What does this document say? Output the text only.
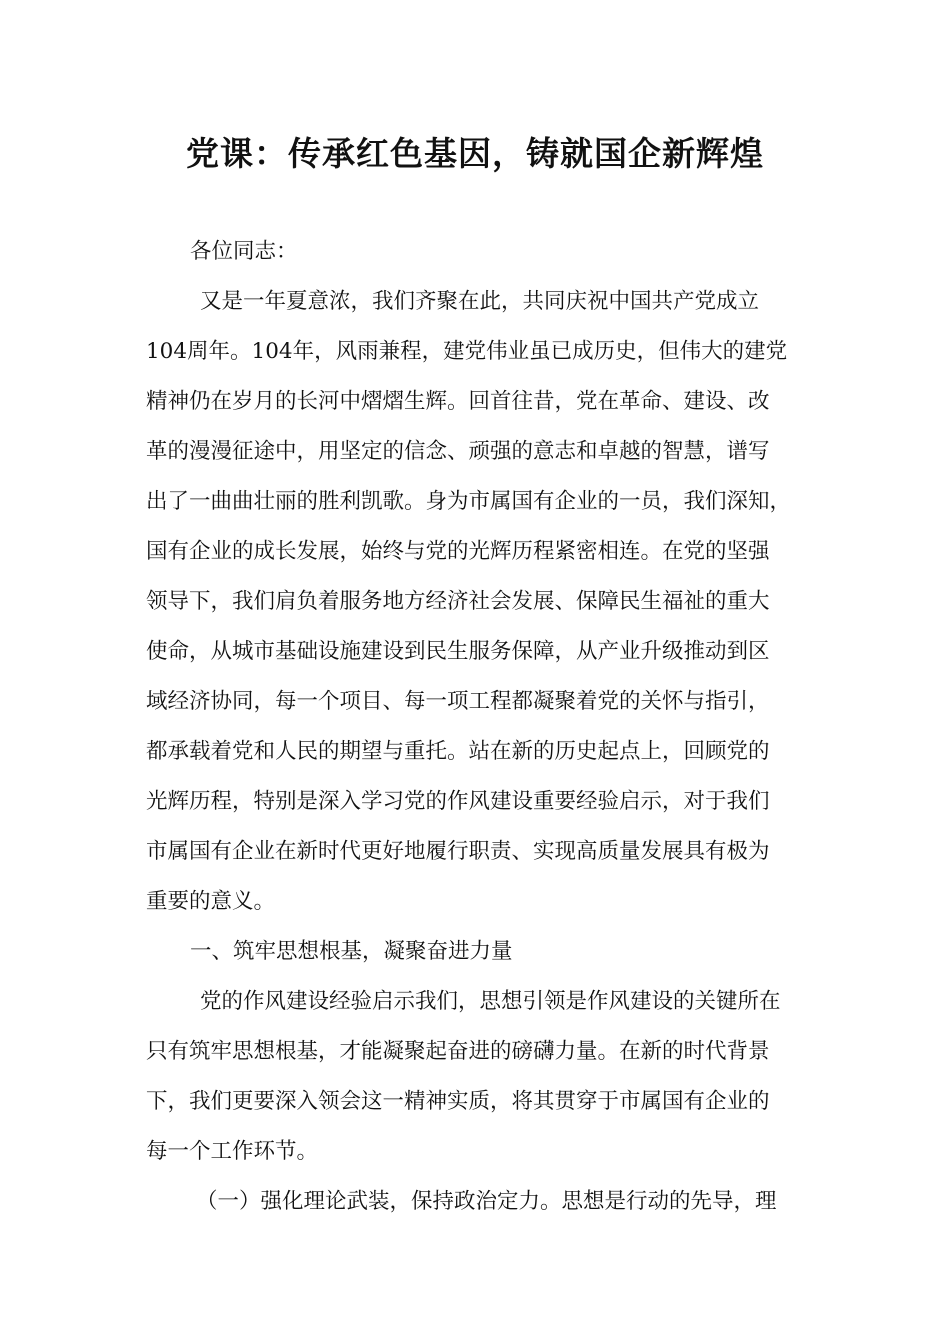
党课：传承红色基因，铸就国企新辉煌
各位同志：
又是一年夏意浓，我们齐聚在此，共同庆祝中国共产党成立
104周年。104年，风雨兼程，建党伟业虽已成历史，但伟大的建党
精神仍在岁月的长河中熠熠生辉。回首往昔，党在革命、建设、改
革的漫漫征途中，用坚定的信念、顽强的意志和卓越的智慧，谱写
出了一曲曲壮丽的胜利凯歌。身为市属国有企业的一员，我们深知，
国有企业的成长发展，始终与党的光辉历程紧密相连。在党的坚强
领导下，我们肩负着服务地方经济社会发展、保障民生福祉的重大
使命，从城市基础设施建设到民生服务保障，从产业升级推动到区
域经济协同，每一个项目、每一项工程都凝聚着党的关怀与指引，
都承载着党和人民的期望与重托。站在新的历史起点上，回顾党的
光辉历程，特别是深入学习党的作风建设重要经验启示，对于我们
市属国有企业在新时代更好地履行职责、实现高质量发展具有极为
重要的意义。
一、筑牢思想根基，凝聚奋进力量
党的作风建设经验启示我们，思想引领是作风建设的关键所在
只有筑牢思想根基，才能凝聚起奋进的磅礴力量。在新的时代背景
下，我们更要深入领会这一精神实质，将其贯穿于市属国有企业的
每一个工作环节。
（一）强化理论武装，保持政治定力。思想是行动的先导，理
